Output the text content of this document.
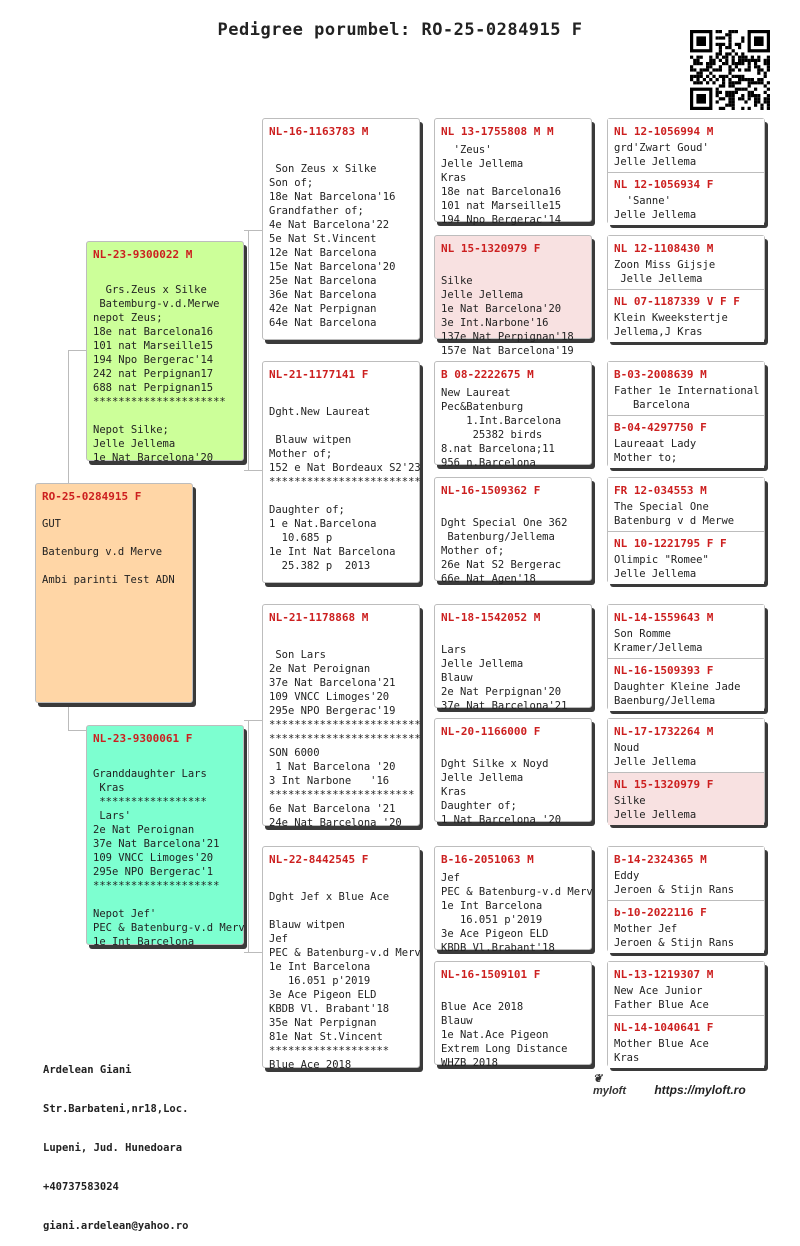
Pedigree porumbel: RO-25-0284915 F
RO-25-0284915 F
GUT

Batenburg v.d Merve

Ambi parinti Test ADN
NL-23-9300022 M

Grs.Zeus x Silke
Batemburg-v.d.Merwe
nepot Zeus;
18e nat Barcelona16
101 nat Marseille15
194 Npo Bergerac'14
242 nat Perpignan17
688 nat Perpignan15
*********************

Nepot Silke;
Jelle Jellema
1e Nat Barcelona'20
NL-23-9300061 F

Granddaughter Lars
Kras
*****************
Lars'
2e Nat Peroignan
37e Nat Barcelona'21
109 VNCC Limoges'20
295e NPO Bergerac'1
********************

Nepot Jef'
PEC & Batenburg-v.d Merv
1e Int Barcelona
NL-16-1163783 M

Son Zeus x Silke
Son of;
18e Nat Barcelona'16
Grandfather of;
4e Nat Barcelona'22
5e Nat St.Vincent
12e Nat Barcelona
15e Nat Barcelona'20
25e Nat Barcelona
36e Nat Barcelona
42e Nat Perpignan
64e Nat Barcelona
NL-21-1177141 F

Dght.New Laureat

Blauw witpen
Mother of;
152 e Nat Bordeaux S2'23
************************

Daughter of;
1 e Nat.Barcelona
10.685 p
1e Int Nat Barcelona
25.382 p  2013
NL-21-1178868 M

Son Lars
2e Nat Peroignan
37e Nat Barcelona'21
109 VNCC Limoges'20
295e NPO Bergerac'19
************************
************************
SON 6000
1 Nat Barcelona '20
3 Int Narbone   '16
***********************
6e Nat Barcelona '21
24e Nat Barcelona '20
NL-22-8442545 F

Dght Jef x Blue Ace

Blauw witpen
Jef
PEC & Batenburg-v.d Merv
1e Int Barcelona
16.051 p'2019
3e Ace Pigeon ELD
KBDB Vl. Brabant'18
35e Nat Perpignan
81e Nat St.Vincent
*******************
Blue Ace 2018
NL 13-1755808 M M
'Zeus'
Jelle Jellema
Kras
18e nat Barcelona16
101 nat Marseille15
194 Npo Bergerac'14
NL 15-1320979 F

Silke
Jelle Jellema
1e Nat Barcelona'20
3e Int.Narbone'16
137e Nat Perpignan'18
157e Nat Barcelona'19
B 08-2222675 M
New Laureat
Pec&Batenburg
1.Int.Barcelona
25382 birds
8.nat Barcelona;11
956 n.Barcelona
NL-16-1509362 F

Dght Special One 362
Batenburg/Jellema
Mother of;
26e Nat S2 Bergerac
66e Nat Agen'18
NL-18-1542052 M

Lars
Jelle Jellema
Blauw
2e Nat Perpignan'20
37e Nat Barcelona'21
NL-20-1166000 F

Dght Silke x Noyd
Jelle Jellema
Kras
Daughter of;
1 Nat Barcelona '20
B-16-2051063 M
Jef
PEC & Batenburg-v.d Merv
1e Int Barcelona
16.051 p'2019
3e Ace Pigeon ELD
KBDB Vl.Brabant'18
NL-16-1509101 F

Blue Ace 2018
Blauw
1e Nat.Ace Pigeon
Extrem Long Distance
WHZB 2018
NL 12-1056994 M
grd'Zwart Goud'
Jelle Jellema
NL 12-1056934 F
'Sanne'
Jelle Jellema
NL 12-1108430 M
Zoon Miss Gijsje
Jelle Jellema
NL 07-1187339 V F F
Klein Kweekstertje
Jellema,J Kras
B-03-2008639 M
Father 1e International
Barcelona
B-04-4297750 F
Laureaat Lady
Mother to;
FR 12-034553 M
The Special One
Batenburg v d Merwe
NL 10-1221795 F F
Olimpic "Romee"
Jelle Jellema
NL-14-1559643 M
Son Romme
Kramer/Jellema
NL-16-1509393 F
Daughter Kleine Jade
Baenburg/Jellema
NL-17-1732264 M
Noud
Jelle Jellema
NL 15-1320979 F
Silke
Jelle Jellema
B-14-2324365 M
Eddy
Jeroen & Stijn Rans
b-10-2022116 F
Mother Jef
Jeroen & Stijn Rans
NL-13-1219307 M
New Ace Junior
Father Blue Ace
NL-14-1040641 F
Mother Blue Ace
Kras

Ardelean Giani

Str.Barbateni,nr18,Loc.

Lupeni, Jud. Hunedoara

+40737583024

giani.ardelean@yahoo.ro

❦ myloft https://myloft.ro
